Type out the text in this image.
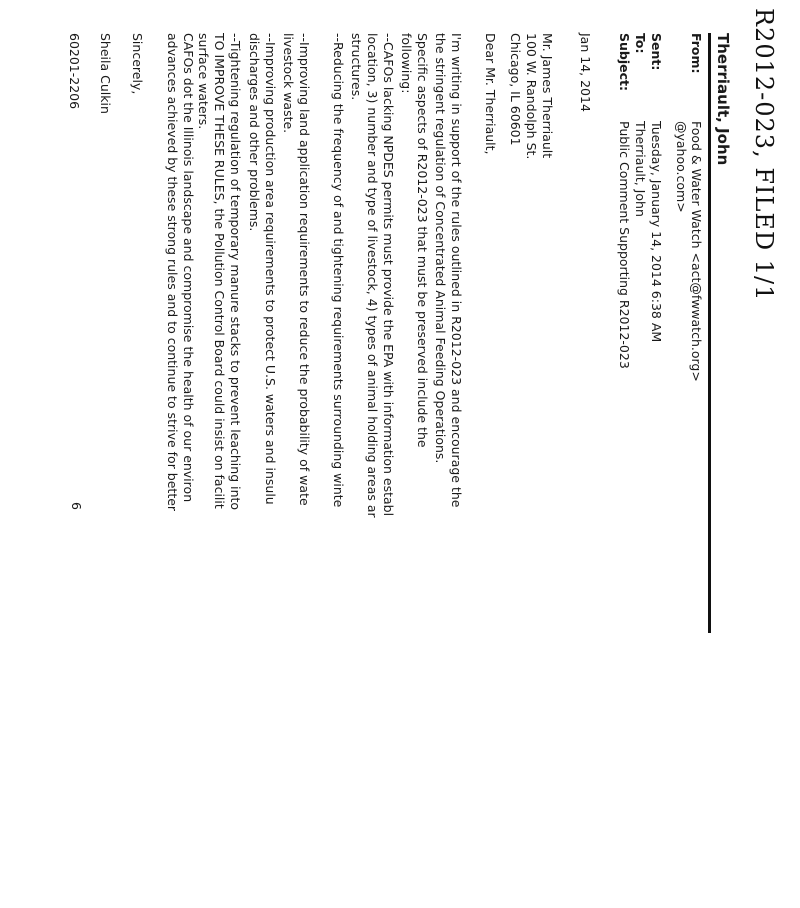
R2012-023, FILED 1/1
Therriault, John
From:
Food & Water Watch <act@fwwatch.org>
@yahoo.com>
Sent:Tuesday, January 14, 2014 6:38 AM
To:Therriault, John
Subject:Public Comment Supporting R2012-023
Jan 14, 2014
Mr. James Therriault
100 W. Randolph St.
Chicago, IL 60601
Dear Mr. Therriault,
I'm writing in support of the rules outlined in R2012-023 and encourage the
the stringent regulation of Concentrated Animal Feeding Operations.
Specific aspects of R2012-023 that must be preserved include the
following:
--CAFOs lacking NPDES permits must provide the EPA with information establ
location, 3) number and type of livestock, 4) types of animal holding areas ar
structures.
--Reducing the frequency of and tightening requirements surrounding winte
--Improving land application requirements to reduce the probability of wate
livestock waste.
--Improving production area requirements to protect U.S. waters and insulu
discharges and other problems.
--Tightening regulation of temporary manure stacks to prevent leaching into
TO IMPROVE THESE RULES, the Pollution Control Board could insist on facilit
surface waters.
CAFOs dot the Illinois landscape and compromise the health of our environ
advances achieved by these strong rules and to continue to strive for better
Sincerely,
Sheila Culkin
60201-2206
6
